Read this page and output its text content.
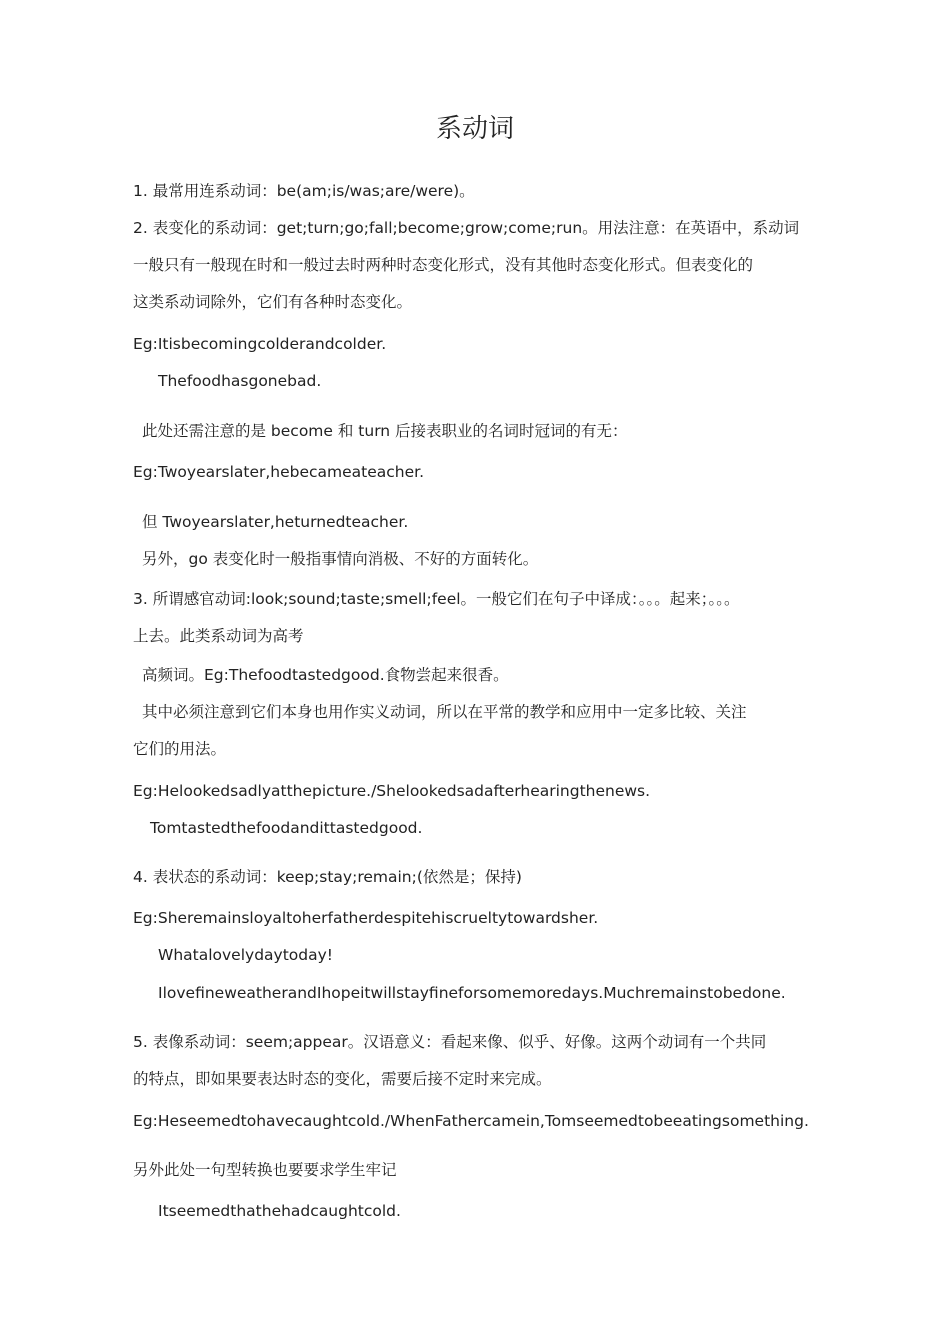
系动词
1. 最常用连系动词：be(am;is/was;are/were)。
2. 表变化的系动词：get;turn;go;fall;become;grow;come;run。用法注意：在英语中，系动词
一般只有一般现在时和一般过去时两种时态变化形式，没有其他时态变化形式。但表变化的
这类系动词除外，它们有各种时态变化。
Eg:Itisbecomingcolderandcolder.
Thefoodhasgonebad.
此处还需注意的是 become 和 turn 后接表职业的名词时冠词的有无：
Eg:Twoyearslater,hebecameateacher.
但 Twoyearslater,heturnedteacher.
另外，go 表变化时一般指事情向消极、不好的方面转化。
3. 所谓感官动词:look;sound;taste;smell;feel。一般它们在句子中译成：。。。起来；。。。
上去。此类系动词为高考
高频词。Eg:Thefoodtastedgood.食物尝起来很香。
其中必须注意到它们本身也用作实义动词，所以在平常的教学和应用中一定多比较、关注
它们的用法。
Eg:Helookedsadlyatthepicture./Shelookedsadafterhearingthenews.
Tomtastedthefoodandittastedgood.
4. 表状态的系动词：keep;stay;remain;(依然是；保持)
Eg:Sheremainsloyaltoherfatherdespitehiscrueltytowardsher.
Whatalovelydaytoday!
IlovefineweatherandIhopeitwillstayfineforsomemoredays.Muchremainstobedone.
5. 表像系动词：seem;appear。汉语意义：看起来像、似乎、好像。这两个动词有一个共同
的特点，即如果要表达时态的变化，需要后接不定时来完成。
Eg:Heseemedtohavecaughtcold./WhenFathercamein,Tomseemedtobeeatingsomething.
另外此处一句型转换也要要求学生牢记
Itseemedthathehadcaughtcold.
